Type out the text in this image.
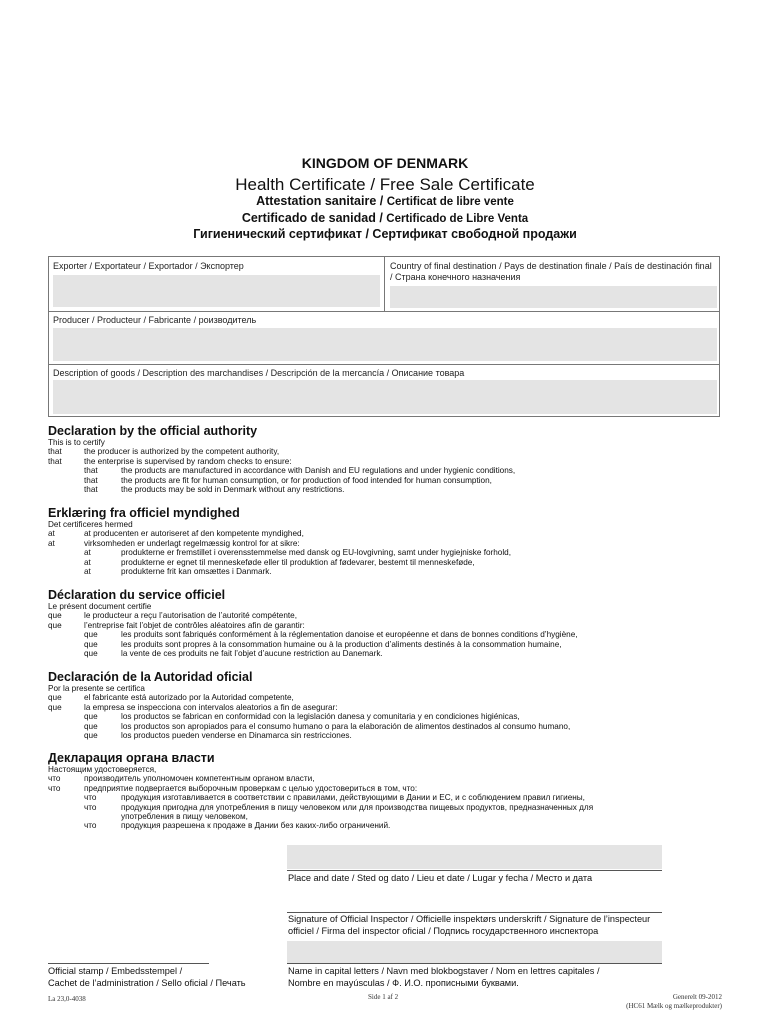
KINGDOM OF DENMARK
Health Certificate / Free Sale Certificate
Attestation sanitaire / Certificat de libre vente
Certificado de sanidad / Certificado de Libre Venta
Гигиенический сертификат / Сертификат свободной продажи
Exporter / Exportateur / Exportador / Экспортер	Country of final destination / Pays de destination finale / País de destinación final / Страна конечного назначения
Producer / Producteur / Fabricante / роизводитель
Description of goods / Description des marchandises / Descripción de la mercancía / Описание товара
Declaration by the official authority
This is to certify
that	the producer is authorized by the competent authority,
that	the enterprise is supervised by random checks to ensure:
that	the products are manufactured in accordance with Danish and EU regulations and under hygienic conditions,
that	the products are fit for human consumption, or for production of food intended for human consumption,
that	the products may be sold in Denmark without any restrictions.
Erklæring fra officiel myndighed
Det certificeres hermed
at	at producenten er autoriseret af den kompetente myndighed,
at	virksomheden er underlagt regelmæssig kontrol for at sikre:
at	produkterne er fremstillet i overensstemmelse med dansk og EU-lovgivning, samt under hygiejniske forhold,
at	produkterne er egnet til menneskeføde eller til produktion af fødevarer, bestemt til menneskeføde,
at	produkterne frit kan omsættes i Danmark.
Déclaration du service officiel
Le présent document certifie
que	le producteur a reçu l’autorisation de l’autorité compétente,
que	l’entreprise fait l’objet de contrôles aléatoires afin de garantir:
que	les produits sont fabriqués conformément à la réglementation danoise et européenne et dans de bonnes conditions d’hygiène,
que	les produits sont propres à la consommation humaine ou à la production d’aliments destinés à la consommation humaine,
que	la vente de ces produits ne fait l’objet d’aucune restriction au Danemark.
Declaración de la Autoridad oficial
Por la presente se certifica
que	el fabricante está autorizado por la Autoridad competente,
que	la empresa se inspecciona con intervalos aleatorios a fin de asegurar:
que	los productos se fabrican en conformidad con la legislación danesa y comunitaria y en condiciones higiénicas,
que	los productos son apropiados para el consumo humano o para la elaboración de alimentos destinados al consumo humano,
que	los productos pueden venderse en Dinamarca sin restricciones.
Декларация органа власти
Настоящим удостоверяется,
что	производитель уполномочен компетентным органом власти,
что	предприятие подвергается выборочным проверкам с целью удостовериться в том, что:
что	продукция изготавливается в соответствии с правилами, действующими в Дании и ЕС, и с соблюдением правил гигиены,
что	продукция пригодна для употребления в пищу человеком или для производства пищевых продуктов, предназначенных для
употребления в пищу человеком,
что	продукция разрешена к продаже в Дании без каких-либо ограничений.
Place and date / Sted og dato / Lieu et date / Lugar y fecha / Место и дата
Signature of Official Inspector / Officielle inspektørs underskrift / Signature de l’inspecteur
officiel / Firma del inspector oficial / Подпись государственного инспектора
Name in capital letters / Navn med blokbogstaver / Nom en lettres capitales /
Nombre en mayúsculas / Ф. И.О. прописными буквами.
Official stamp / Embedsstempel /
Cachet de l’administration / Sello oficial / Печать
La 23,0-4038	Side 1 af 2	Generelt 09-2012
(HC61 Mælk og mælkeprodukter)
